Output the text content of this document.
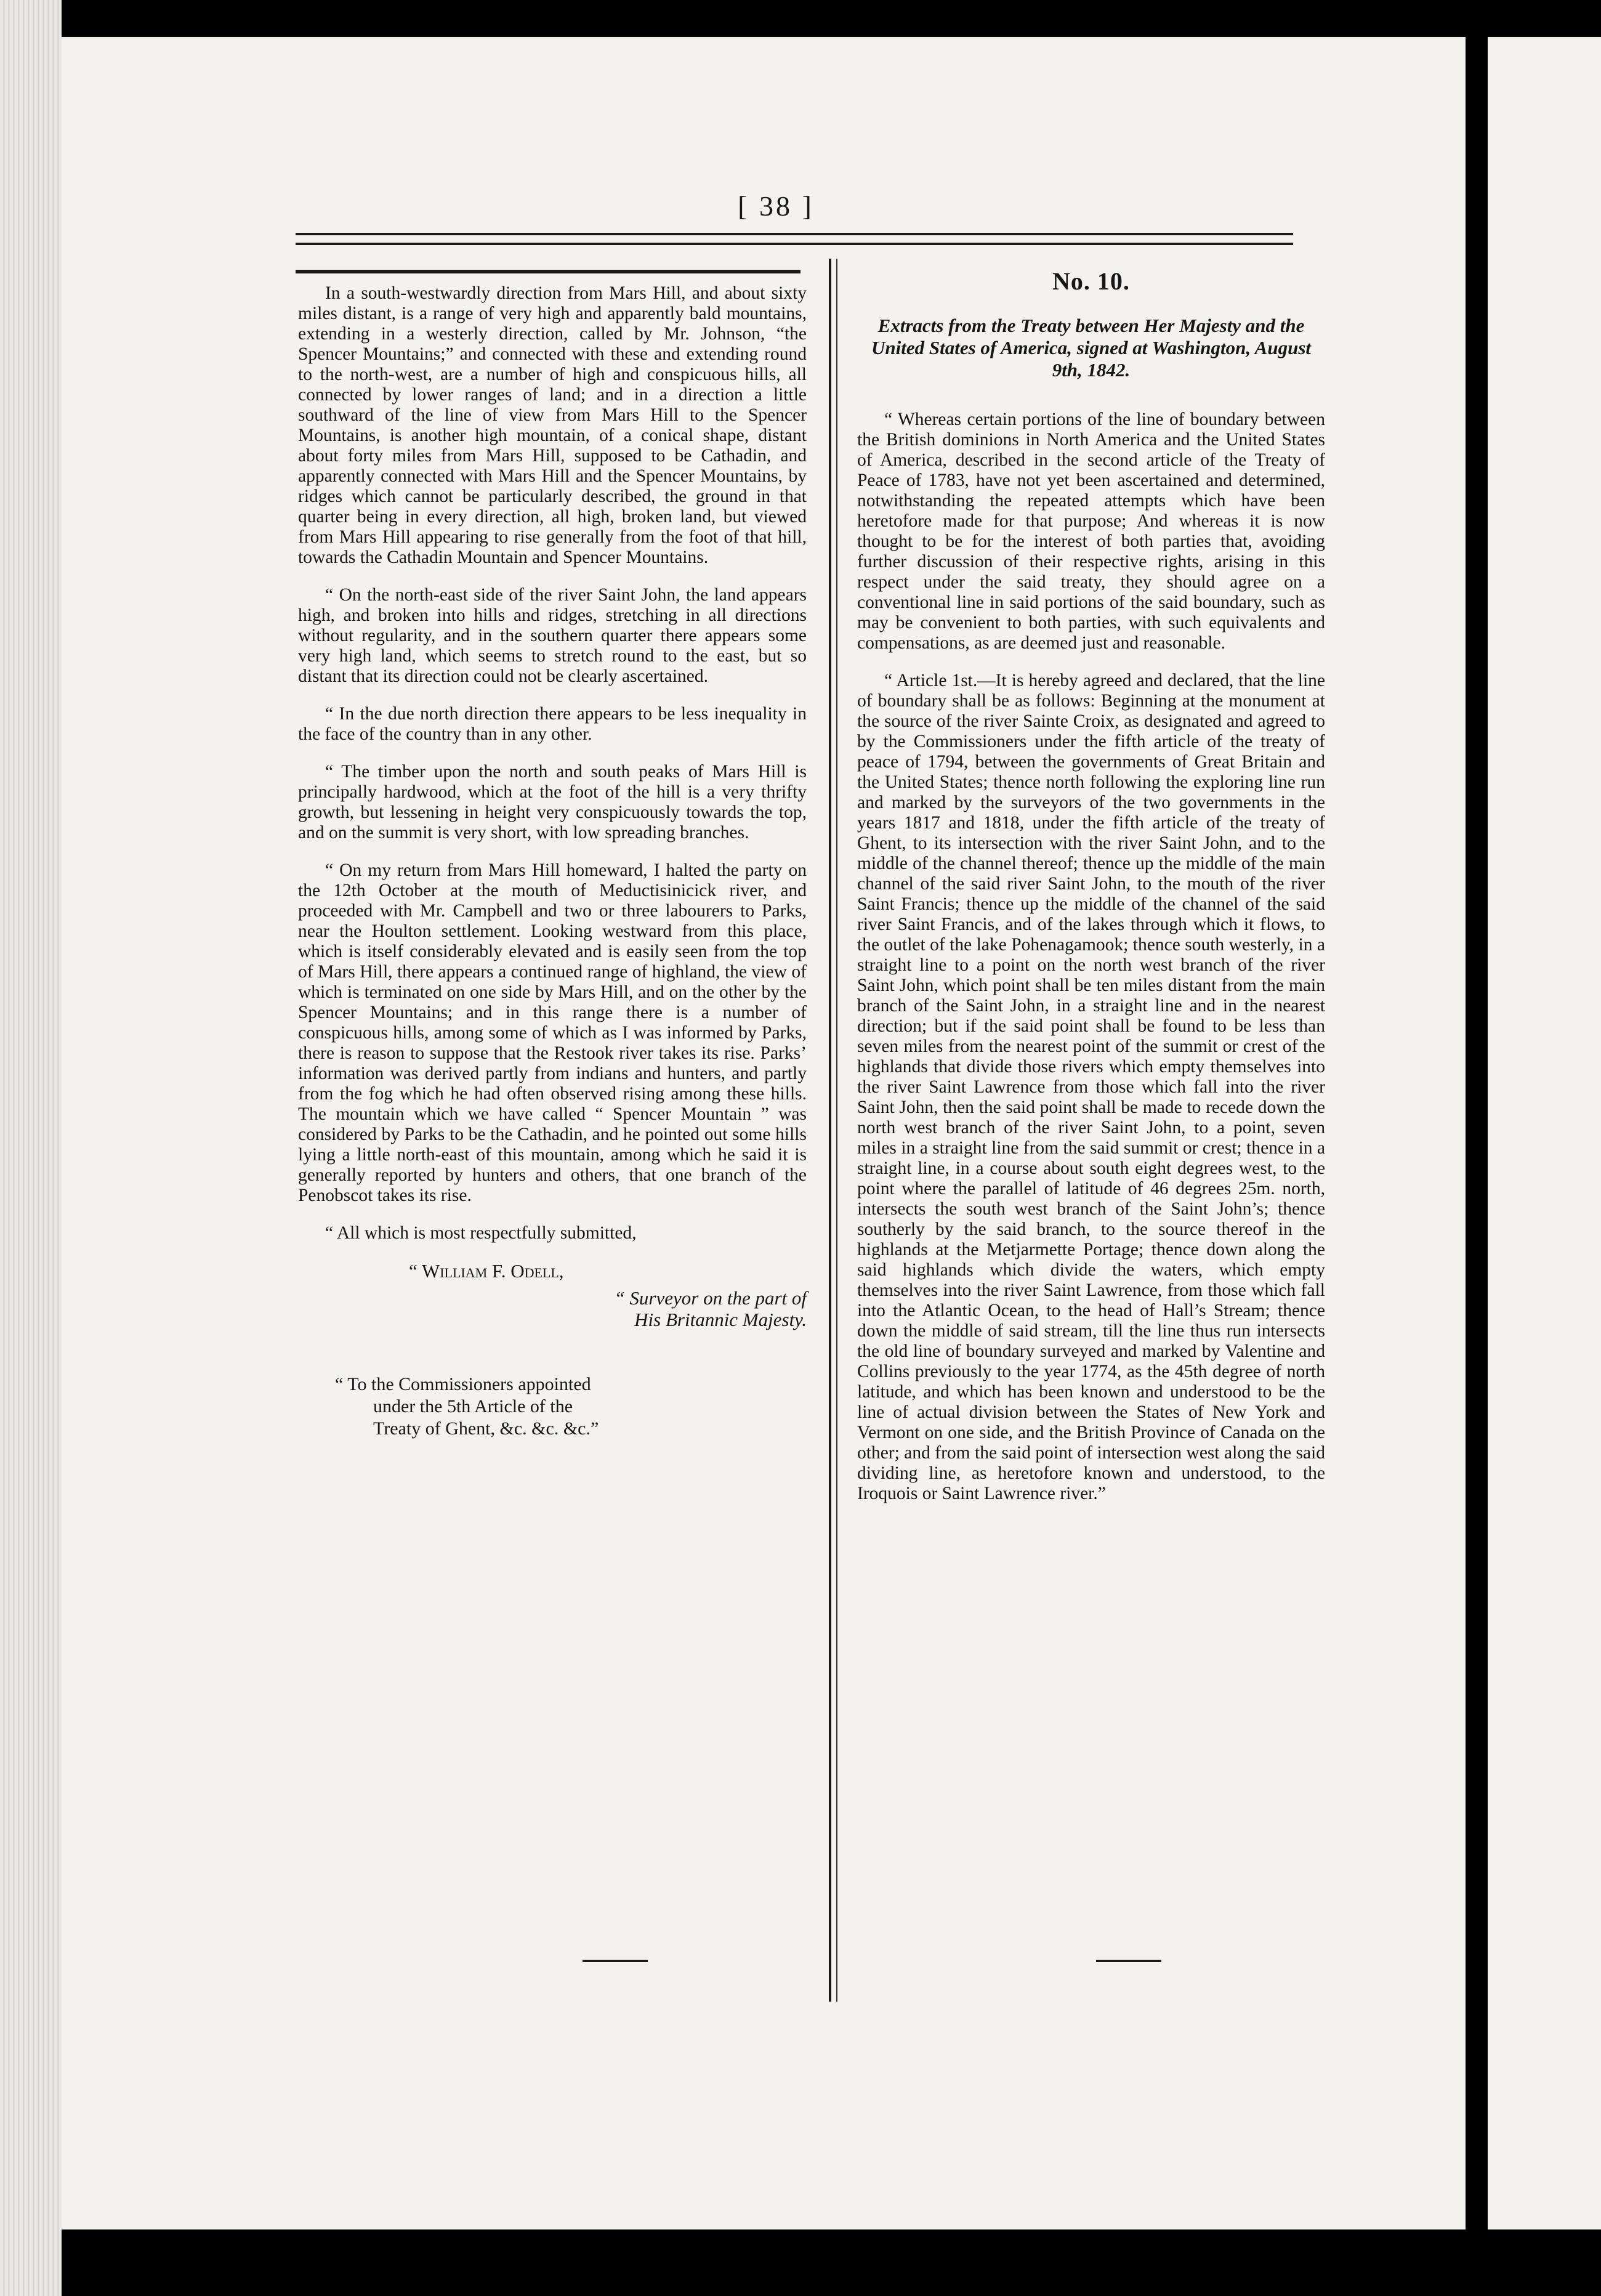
[ 38 ]

In a south-westwardly direction from Mars Hill, and about sixty miles distant, is a range of very high and apparently bald mountains, extending in a westerly direction, called by Mr. Johnson, “the Spencer Mountains;” and connected with these and extending round to the north-west, are a number of high and conspicuous hills, all connected by lower ranges of land; and in a direction a little southward of the line of view from Mars Hill to the Spencer Mountains, is another high mountain, of a conical shape, distant about forty miles from Mars Hill, supposed to be Cathadin, and apparently connected with Mars Hill and the Spencer Mountains, by ridges which cannot be particularly described, the ground in that quarter being in every direction, all high, broken land, but viewed from Mars Hill appearing to rise generally from the foot of that hill, towards the Cathadin Mountain and Spencer Mountains.

“ On the north-east side of the river Saint John, the land appears high, and broken into hills and ridges, stretching in all directions without regularity, and in the southern quarter there appears some very high land, which seems to stretch round to the east, but so distant that its direction could not be clearly ascertained.

“ In the due north direction there appears to be less inequality in the face of the country than in any other.

“ The timber upon the north and south peaks of Mars Hill is principally hardwood, which at the foot of the hill is a very thrifty growth, but lessening in height very conspicuously towards the top, and on the summit is very short, with low spreading branches.

“ On my return from Mars Hill homeward, I halted the party on the 12th October at the mouth of Meductisinicick river, and proceeded with Mr. Campbell and two or three labourers to Parks, near the Houlton settlement. Looking westward from this place, which is itself considerably elevated and is easily seen from the top of Mars Hill, there appears a continued range of highland, the view of which is terminated on one side by Mars Hill, and on the other by the Spencer Mountains; and in this range there is a number of conspicuous hills, among some of which as I was informed by Parks, there is reason to suppose that the Restook river takes its rise. Parks’ information was derived partly from indians and hunters, and partly from the fog which he had often observed rising among these hills. The mountain which we have called “ Spencer Mountain ” was considered by Parks to be the Cathadin, and he pointed out some hills lying a little north-east of this mountain, among which he said it is generally reported by hunters and others, that one branch of the Penobscot takes its rise.

“ All which is most respectfully submitted,

“ William F. Odell,
“ Surveyor on the part of
His Britannic Majesty.
“ To the Commissioners appointed
under the 5th Article of the
Treaty of Ghent, &c. &c. &c.”
No. 10.
Extracts from the Treaty between Her Majesty and the United States of America, signed at Washington, August 9th, 1842.

“ Whereas certain portions of the line of boundary between the British dominions in North America and the United States of America, described in the second article of the Treaty of Peace of 1783, have not yet been ascertained and determined, notwithstanding the repeated attempts which have been heretofore made for that purpose; And whereas it is now thought to be for the interest of both parties that, avoiding further discussion of their respective rights, arising in this respect under the said treaty, they should agree on a conventional line in said portions of the said boundary, such as may be convenient to both parties, with such equivalents and compensations, as are deemed just and reasonable.

“ Article 1st.—It is hereby agreed and declared, that the line of boundary shall be as follows: Beginning at the monument at the source of the river Sainte Croix, as designated and agreed to by the Commissioners under the fifth article of the treaty of peace of 1794, between the governments of Great Britain and the United States; thence north following the exploring line run and marked by the surveyors of the two governments in the years 1817 and 1818, under the fifth article of the treaty of Ghent, to its intersection with the river Saint John, and to the middle of the channel thereof; thence up the middle of the main channel of the said river Saint John, to the mouth of the river Saint Francis; thence up the middle of the channel of the said river Saint Francis, and of the lakes through which it flows, to the outlet of the lake Pohenagamook; thence south westerly, in a straight line to a point on the north west branch of the river Saint John, which point shall be ten miles distant from the main branch of the Saint John, in a straight line and in the nearest direction; but if the said point shall be found to be less than seven miles from the nearest point of the summit or crest of the highlands that divide those rivers which empty themselves into the river Saint Lawrence from those which fall into the river Saint John, then the said point shall be made to recede down the north west branch of the river Saint John, to a point, seven miles in a straight line from the said summit or crest; thence in a straight line, in a course about south eight degrees west, to the point where the parallel of latitude of 46 degrees 25m. north, intersects the south west branch of the Saint John’s; thence southerly by the said branch, to the source thereof in the highlands at the Metjarmette Portage; thence down along the said highlands which divide the waters, which empty themselves into the river Saint Lawrence, from those which fall into the Atlantic Ocean, to the head of Hall’s Stream; thence down the middle of said stream, till the line thus run intersects the old line of boundary surveyed and marked by Valentine and Collins previously to the year 1774, as the 45th degree of north latitude, and which has been known and understood to be the line of actual division between the States of New York and Vermont on one side, and the British Province of Canada on the other; and from the said point of intersection west along the said dividing line, as heretofore known and understood, to the Iroquois or Saint Lawrence river.”
